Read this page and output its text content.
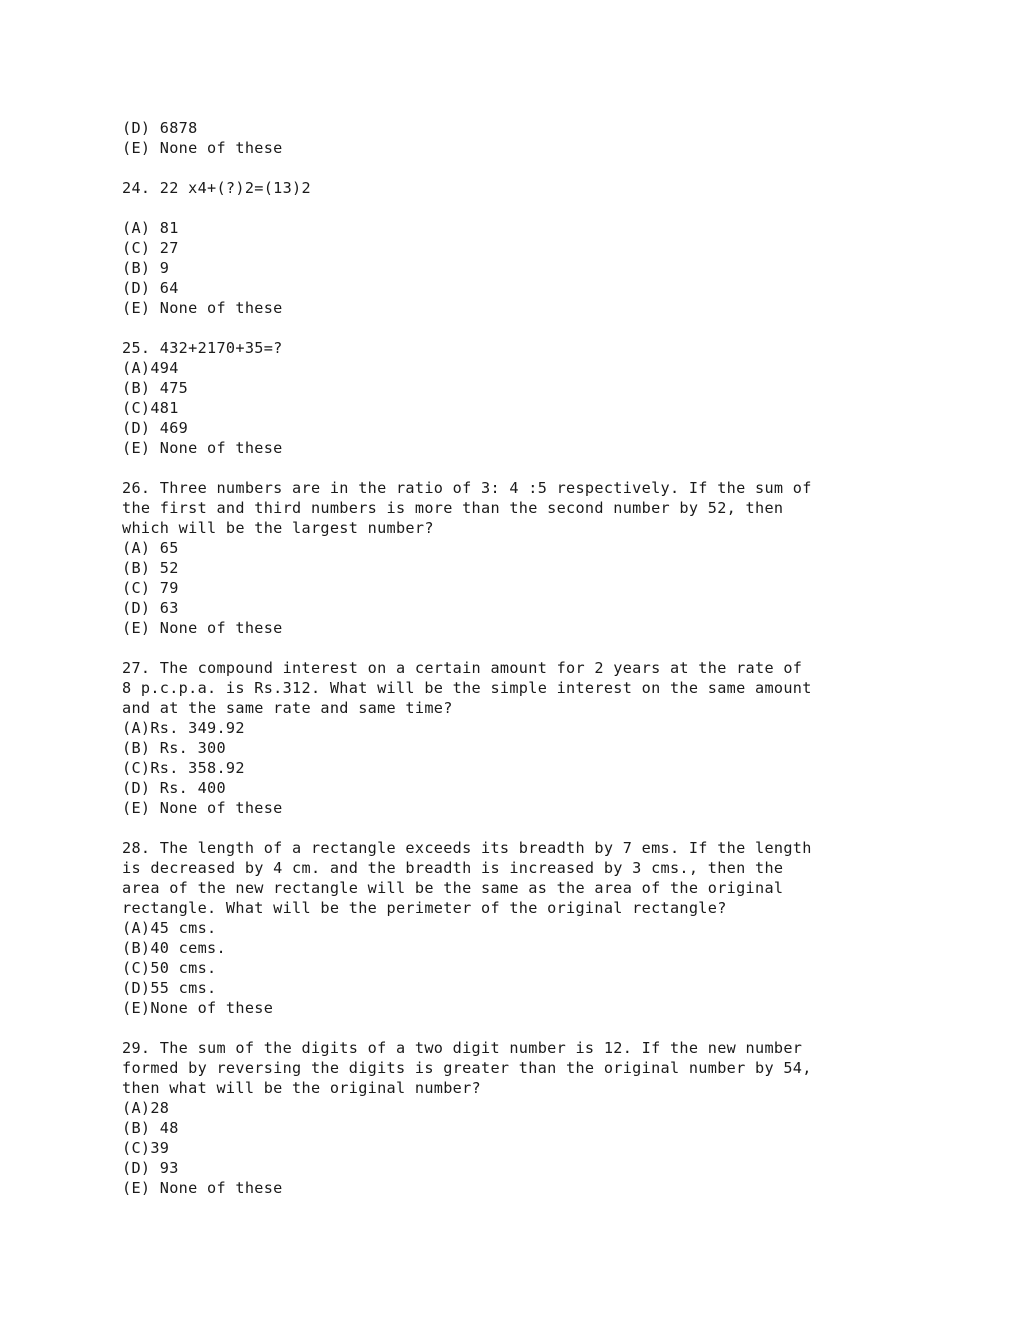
(D) 6878
(E) None of these
24. 22 x4+(?)2=(13)2

(A) 81
(C) 27
(B) 9
(D) 64
(E) None of these
25. 432+2170+35=?
(A)494
(B) 475
(C)481
(D) 469
(E) None of these
26. Three numbers are in the ratio of 3: 4 :5 respectively. If the sum of
the first and third numbers is more than the second number by 52, then
which will be the largest number?
(A) 65
(B) 52
(C) 79
(D) 63
(E) None of these
27. The compound interest on a certain amount for 2 years at the rate of
8 p.c.p.a. is Rs.312. What will be the simple interest on the same amount
and at the same rate and same time?
(A)Rs. 349.92
(B) Rs. 300
(C)Rs. 358.92
(D) Rs. 400
(E) None of these
28. The length of a rectangle exceeds its breadth by 7 ems. If the length
is decreased by 4 cm. and the breadth is increased by 3 cms., then the
area of the new rectangle will be the same as the area of the original
rectangle. What will be the perimeter of the original rectangle?
(A)45 cms.
(B)40 cems.
(C)50 cms.
(D)55 cms.
(E)None of these
29. The sum of the digits of a two digit number is 12. If the new number
formed by reversing the digits is greater than the original number by 54,
then what will be the original number?
(A)28
(B) 48
(C)39
(D) 93
(E) None of these
